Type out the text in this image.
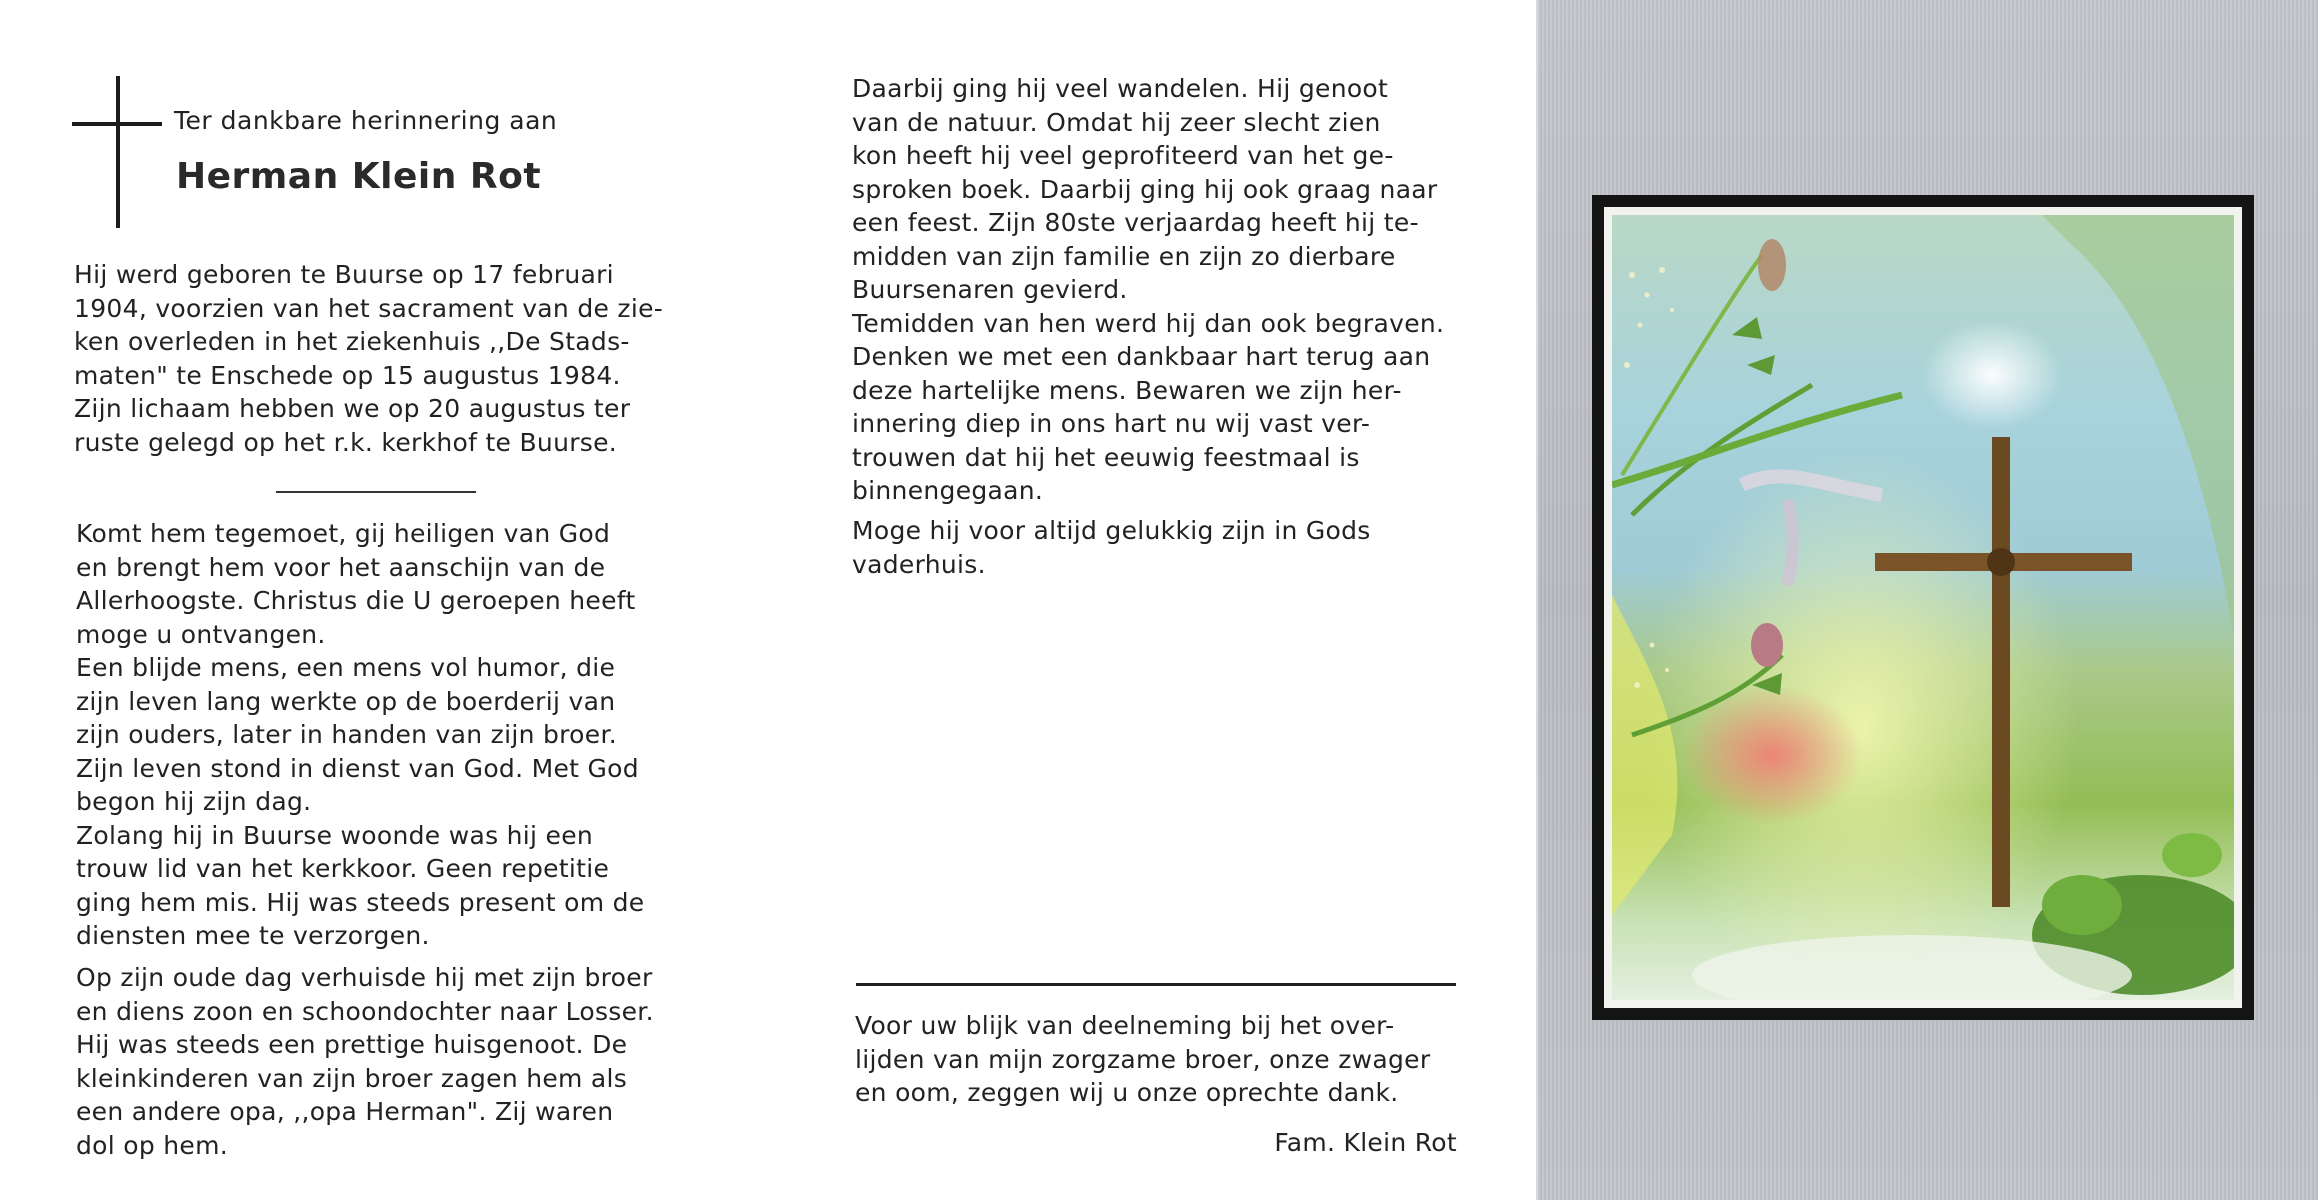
Ter dankbare herinnering aan
Herman Klein Rot

Hij werd geboren te Buurse op 17 februari
1904, voorzien van het sacrament van de zie-
ken overleden in het ziekenhuis ,,De Stads-
maten" te Enschede op 15 augustus 1984.
Zijn lichaam hebben we op 20 augustus ter
ruste gelegd op het r.k. kerkhof te Buurse.

Komt hem tegemoet, gij heiligen van God
en brengt hem voor het aanschijn van de
Allerhoogste. Christus die U geroepen heeft
moge u ontvangen.
Een blijde mens, een mens vol humor, die
zijn leven lang werkte op de boerderij van
zijn ouders, later in handen van zijn broer.
Zijn leven stond in dienst van God. Met God
begon hij zijn dag.
Zolang hij in Buurse woonde was hij een
trouw lid van het kerkkoor. Geen repetitie
ging hem mis. Hij was steeds present om de
diensten mee te verzorgen.

Op zijn oude dag verhuisde hij met zijn broer
en diens zoon en schoondochter naar Losser.
Hij was steeds een prettige huisgenoot. De
kleinkinderen van zijn broer zagen hem als
een andere opa, ,,opa Herman". Zij waren
dol op hem.

Daarbij ging hij veel wandelen. Hij genoot
van de natuur. Omdat hij zeer slecht zien
kon heeft hij veel geprofiteerd van het ge-
sproken boek. Daarbij ging hij ook graag naar
een feest. Zijn 80ste verjaardag heeft hij te-
midden van zijn familie en zijn zo dierbare
Buursenaren gevierd.
Temidden van hen werd hij dan ook begraven.
Denken we met een dankbaar hart terug aan
deze hartelijke mens. Bewaren we zijn her-
innering diep in ons hart nu wij vast ver-
trouwen dat hij het eeuwig feestmaal is
binnengegaan.

Moge hij voor altijd gelukkig zijn in Gods
vaderhuis.

Voor uw blijk van deelneming bij het over-
lijden van mijn zorgzame broer, onze zwager
en oom, zeggen wij u onze oprechte dank.

Fam. Klein Rot
